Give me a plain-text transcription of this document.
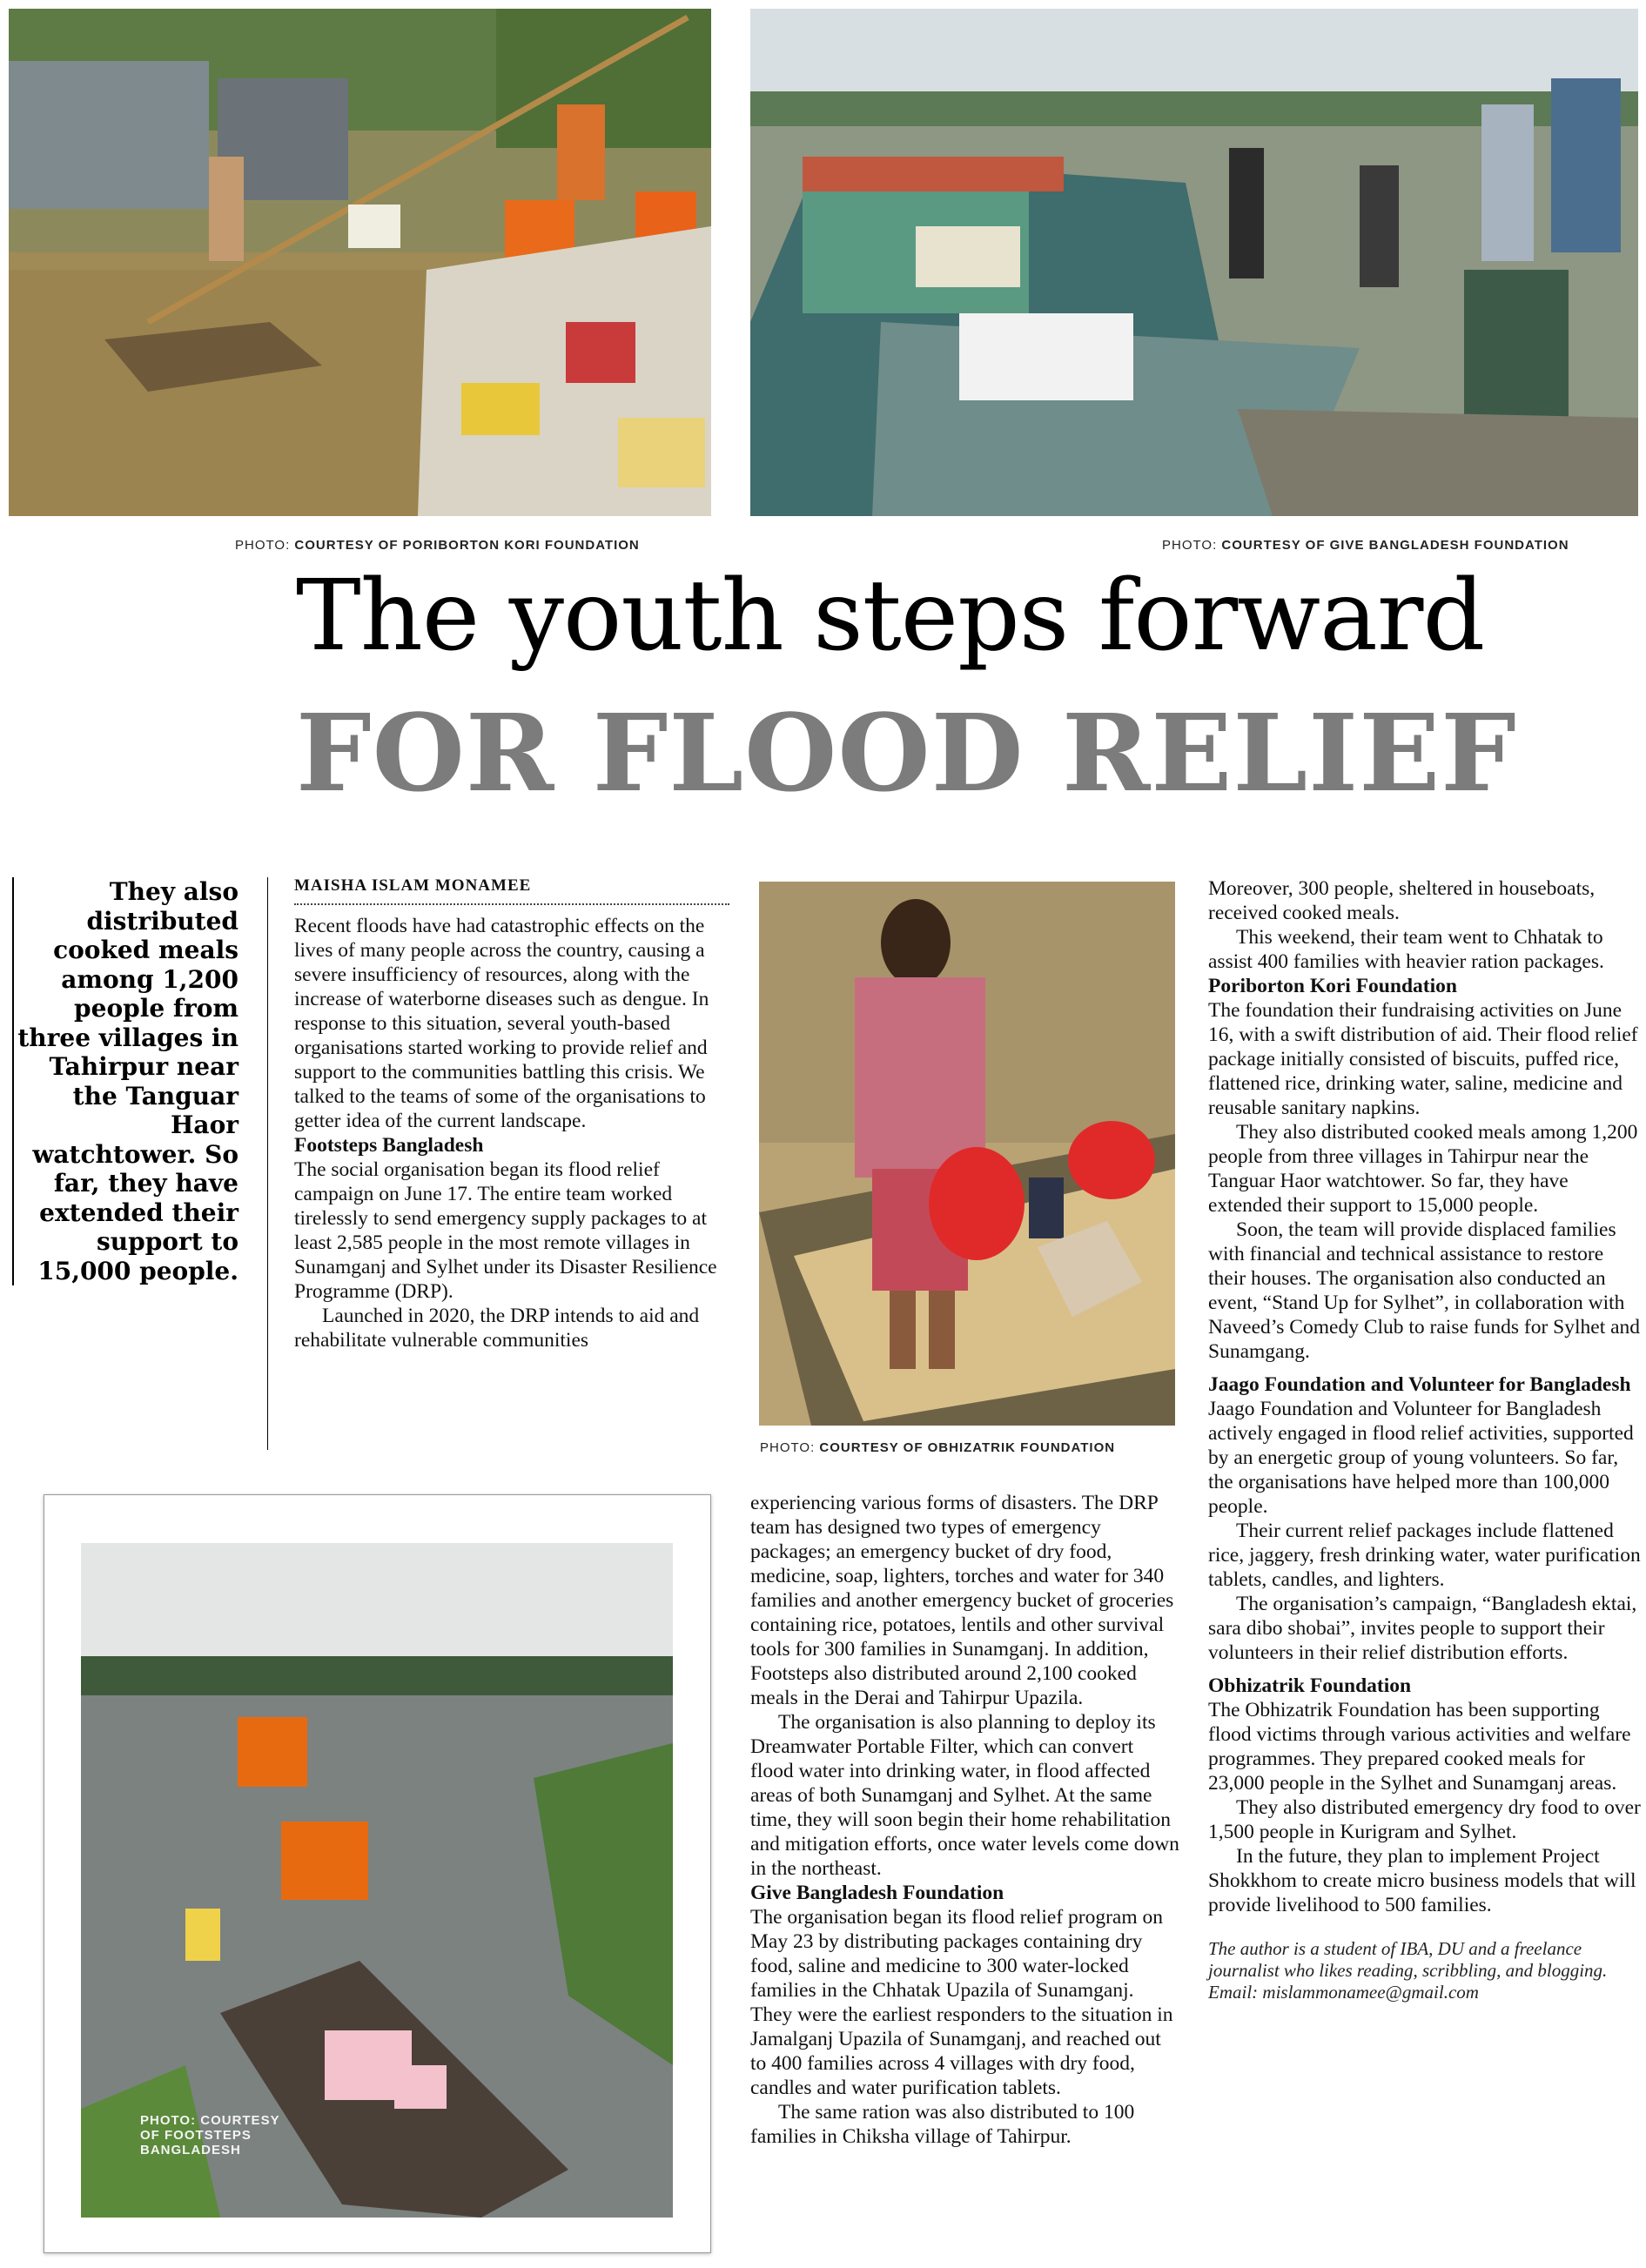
PHOTO: COURTESY OF PORIBORTON KORI FOUNDATION	PHOTO: COURTESY OF GIVE BANGLADESH FOUNDATION
The youth steps forward
FOR FLOOD RELIEF
They also distributed cooked meals among 1,200 people from three villages in Tahirpur near the Tanguar Haor watchtower. So far, they have extended their support to 15,000 people.
MAISHA ISLAM MONAMEE

Recent floods have had catastrophic effects on the lives of many people across the country, causing a severe insufficiency of resources, along with the increase of waterborne diseases such as dengue. In response to this situation, several youth-based organisations started working to provide relief and support to the communities battling this crisis. We talked to the teams of some of the organisations to getter idea of the current landscape.

Footsteps Bangladesh

The social organisation began its flood relief campaign on June 17. The entire team worked tirelessly to send emergency supply packages to at least 2,585 people in the most remote villages in Sunamganj and Sylhet under its Disaster Resilience Programme (DRP).

Launched in 2020, the DRP intends to aid and rehabilitate vulnerable communities

PHOTO: COURTESY OF OBHIZATRIK FOUNDATION
PHOTO: COURTESY
OF FOOTSTEPS
BANGLADESH

experiencing various forms of disasters. The DRP team has designed two types of emergency packages; an emergency bucket of dry food, medicine, soap, lighters, torches and water for 340 families and another emergency bucket of groceries containing rice, potatoes, lentils and other survival tools for 300 families in Sunamganj. In addition, Footsteps also distributed around 2,100 cooked meals in the Derai and Tahirpur Upazila.

The organisation is also planning to deploy its Dreamwater Portable Filter, which can convert flood water into drinking water, in flood affected areas of both Sunamganj and Sylhet. At the same time, they will soon begin their home rehabilitation and mitigation efforts, once water levels come down in the northeast.

Give Bangladesh Foundation

The organisation began its flood relief program on May 23 by distributing packages containing dry food, saline and medicine to 300 water-locked families in the Chhatak Upazila of Sunamganj. They were the earliest responders to the situation in Jamalganj Upazila of Sunamganj, and reached out to 400 families across 4 villages with dry food, candles and water purification tablets.

The same ration was also distributed to 100 families in Chiksha village of Tahirpur.

Moreover, 300 people, sheltered in houseboats, received cooked meals.

This weekend, their team went to Chhatak to assist 400 families with heavier ration packages.

Poriborton Kori Foundation

The foundation their fundraising activities on June 16, with a swift distribution of aid. Their flood relief package initially consisted of biscuits, puffed rice, flattened rice, drinking water, saline, medicine and reusable sanitary napkins.

They also distributed cooked meals among 1,200 people from three villages in Tahirpur near the Tanguar Haor watchtower. So far, they have extended their support to 15,000 people.

Soon, the team will provide displaced families with financial and technical assistance to restore their houses. The organisation also conducted an event, “Stand Up for Sylhet”, in collaboration with Naveed’s Comedy Club to raise funds for Sylhet and Sunamgang.

Jaago Foundation and Volunteer for Bangladesh

Jaago Foundation and Volunteer for Bangladesh actively engaged in flood relief activities, supported by an energetic group of young volunteers. So far, the organisations have helped more than 100,000 people.

Their current relief packages include flattened rice, jaggery, fresh drinking water, water purification tablets, candles, and lighters.

The organisation’s campaign, “Bangladesh ektai, sara dibo shobai”, invites people to support their volunteers in their relief distribution efforts.

Obhizatrik Foundation

The Obhizatrik Foundation has been supporting flood victims through various activities and welfare programmes. They prepared cooked meals for 23,000 people in the Sylhet and Sunamganj areas.

They also distributed emergency dry food to over 1,500 people in Kurigram and Sylhet.

In the future, they plan to implement Project Shokkhom to create micro business models that will provide livelihood to 500 families.

The author is a student of IBA, DU and a freelance journalist who likes reading, scribbling, and blogging. Email: mislammonamee@gmail.com
